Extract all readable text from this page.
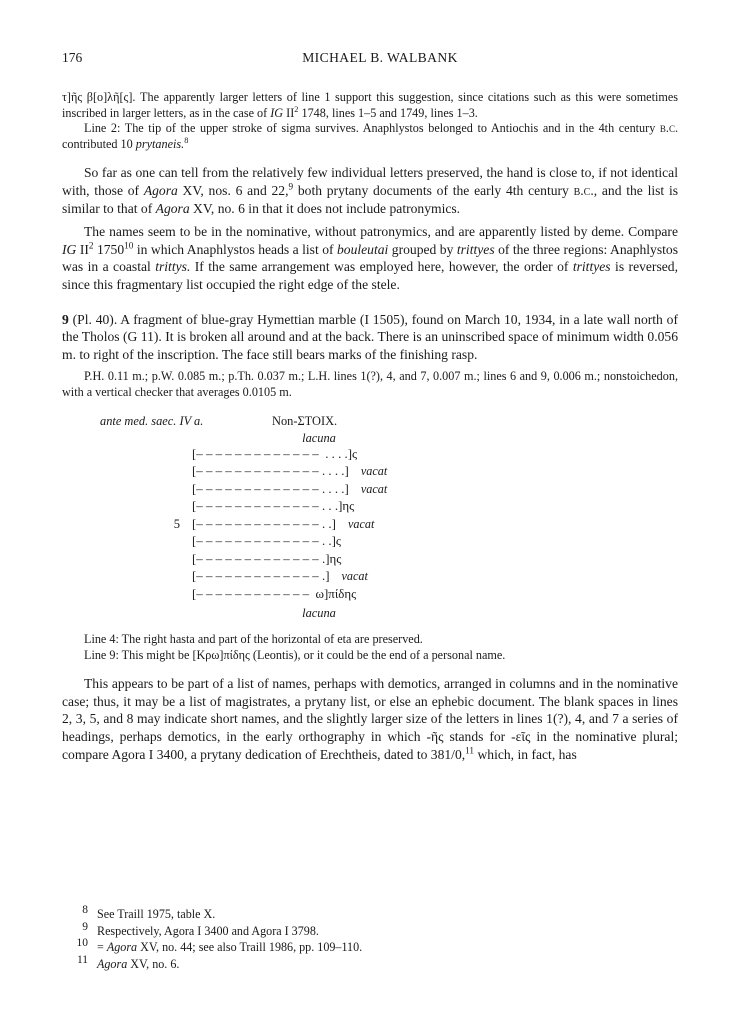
176	MICHAEL B. WALBANK

τ]ῆς β[ο]λῆ[ς]. The apparently larger letters of line 1 support this suggestion, since citations such as this were sometimes inscribed in larger letters, as in the case of IG $II^2$ 1748, lines 1–5 and 1749, lines 1–3.

Line 2: The tip of the upper stroke of sigma survives. Anaphlystos belonged to Antiochis and in the 4th century b.c. contributed 10 prytaneis.$^8$

So far as one can tell from the relatively few individual letters preserved, the hand is close to, if not identical with, those of Agora XV, nos. 6 and 22,$^9$ both prytany documents of the early 4th century b.c., and the list is similar to that of Agora XV, no. 6 in that it does not include patronymics.

The names seem to be in the nominative, without patronymics, and are apparently listed by deme. Compare IG $II^2$ 1750$^{10}$ in which Anaphlystos heads a list of bouleutai grouped by trittyes of the three regions: Anaphlystos was in a coastal trittys. If the same arrangement was employed here, however, the order of trittyes is reversed, since this fragmentary list occupied the right edge of the stele.

9 (Pl. 40). A fragment of blue-gray Hymettian marble (I 1505), found on March 10, 1934, in a late wall north of the Tholos (G 11). It is broken all around and at the back. There is an uninscribed space of minimum width 0.056 m. to right of the inscription. The face still bears marks of the finishing rasp.

P.H. 0.11 m.; p.W. 0.085 m.; p.Th. 0.037 m.; L.H. lines 1(?), 4, and 7, 0.007 m.; lines 6 and 9, 0.006 m.; nonstoichedon, with a vertical checker that averages 0.0105 m.

ante med. saec. IV a.	Non-ΣΤΟΙΧ.
lacuna
[– – – – – – – – – – – – –  . . . .]ς
[– – – – – – – – – – – – – . . . .] vacat
[– – – – – – – – – – – – – . . . .] vacat
[– – – – – – – – – – – – – . . .]ης
5 [– – – – – – – – – – – – – . .] vacat
[– – – – – – – – – – – – – . .]ς
[– – – – – – – – – – – – – .]ης
[– – – – – – – – – – – – – .] vacat
[– – – – – – – – – – – –  ω]πίδης
lacuna

Line 4: The right hasta and part of the horizontal of eta are preserved.

Line 9: This might be [Κρω]πίδης (Leontis), or it could be the end of a personal name.

This appears to be part of a list of names, perhaps with demotics, arranged in columns and in the nominative case; thus, it may be a list of magistrates, a prytany list, or else an ephebic document. The blank spaces in lines 2, 3, 5, and 8 may indicate short names, and the slightly larger size of the letters in lines 1(?), 4, and 7 a series of headings, perhaps demotics, in the early orthography in which -ῆς stands for -εῖς in the nominative plural; compare Agora I 3400, a prytany dedication of Erechtheis, dated to 381/0,11 which, in fact, has

$^8$ See Traill 1975, table X.
$^9$ Respectively, Agora I 3400 and Agora I 3798.
$^{10}$ = Agora XV, no. 44; see also Traill 1986, pp. 109–110.
$^{11}$ Agora XV, no. 6.
